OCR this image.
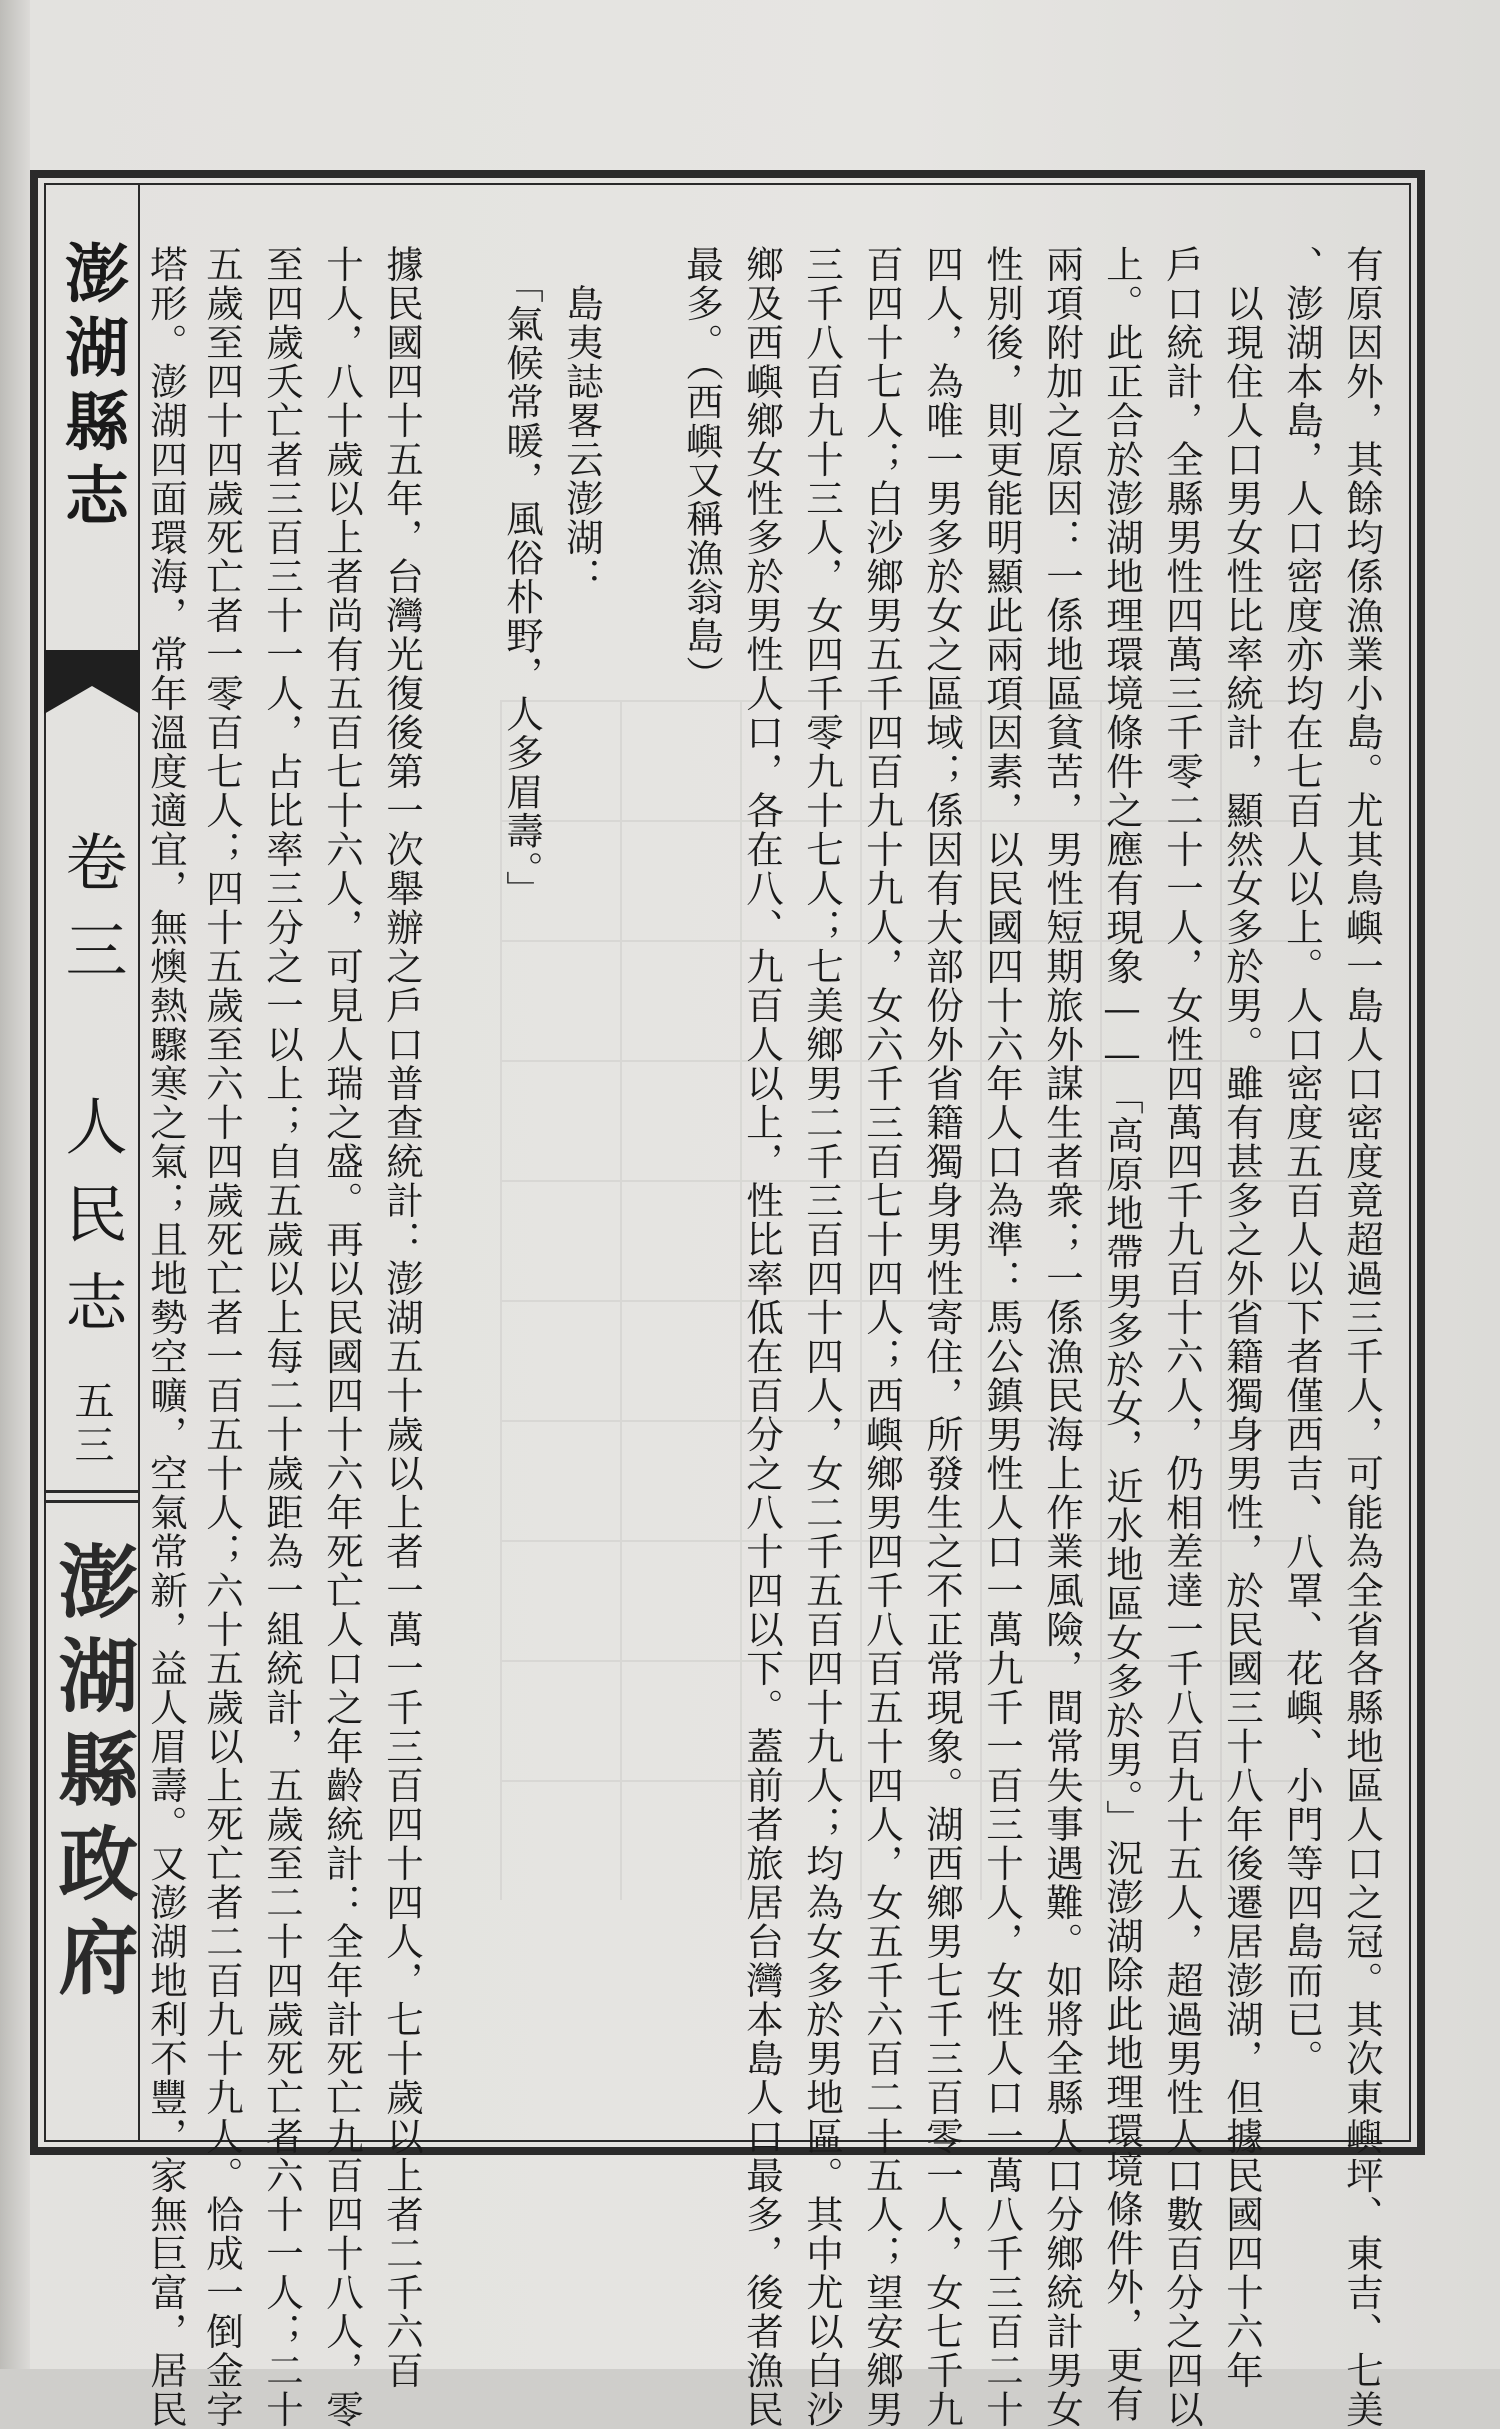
澎湖縣志
卷三　人民志
五三
澎湖縣政府	有原因外，其餘均係漁業小島。尤其鳥嶼一島人口密度竟超過三千人，可能為全省各縣地區人口之冠。其次東嶼坪、東吉、七美
、澎湖本島，人口密度亦均在七百人以上。人口密度五百人以下者僅西吉、八罩、花嶼、小門等四島而已。
　以現住人口男女性比率統計，顯然女多於男。雖有甚多之外省籍獨身男性，於民國三十八年後遷居澎湖，但據民國四十六年
戶口統計，全縣男性四萬三千零二十一人，女性四萬四千九百十六人，仍相差達一千八百九十五人，超過男性人口數百分之四以
上。此正合於澎湖地理環境條件之應有現象——「高原地帶男多於女，近水地區女多於男。」況澎湖除此地理環境條件外，更有
兩項附加之原因：一係地區貧苦，男性短期旅外謀生者衆；一係漁民海上作業風險，間常失事遇難。如將全縣人口分鄉統計男女
性別後，則更能明顯此兩項因素，以民國四十六年人口為準：馬公鎮男性人口一萬九千一百三十人，女性人口一萬八千三百二十
四人，為唯一男多於女之區域；係因有大部份外省籍獨身男性寄住，所發生之不正常現象。湖西鄉男七千三百零一人，女七千九
百四十七人；白沙鄉男五千四百九十九人，女六千三百七十四人；西嶼鄉男四千八百五十四人，女五千六百二十五人；望安鄉男
三千八百九十三人，女四千零九十七人；七美鄉男二千三百四十四人，女二千五百四十九人；均為女多於男地區。其中尤以白沙
鄉及西嶼鄉女性多於男性人口，各在八、九百人以上，性比率低在百分之八十四以下。蓋前者旅居台灣本島人口最多，後者漁民
最多。（西嶼又稱漁翁島）
　島夷誌畧云澎湖：
　「氣候常暖，風俗朴野，人多眉壽。」
據民國四十五年，台灣光復後第一次舉辦之戶口普查統計：澎湖五十歲以上者一萬一千三百四十四人，七十歲以上者二千六百
十人，八十歲以上者尚有五百七十六人，可見人瑞之盛。再以民國四十六年死亡人口之年齡統計：全年計死亡九百四十八人，零
至四歲夭亡者三百三十一人，占比率三分之一以上；自五歲以上每二十歲距為一組統計，五歲至二十四歲死亡者六十一人；二十
五歲至四十四歲死亡者一零百七人；四十五歲至六十四歲死亡者一百五十人；六十五歲以上死亡者二百九十九人。恰成一倒金字
塔形。澎湖四面環海，常年溫度適宜，無燠熱驟寒之氣；且地勢空曠，空氣常新，益人眉壽。又澎湖地利不豐，家無巨富，居民
